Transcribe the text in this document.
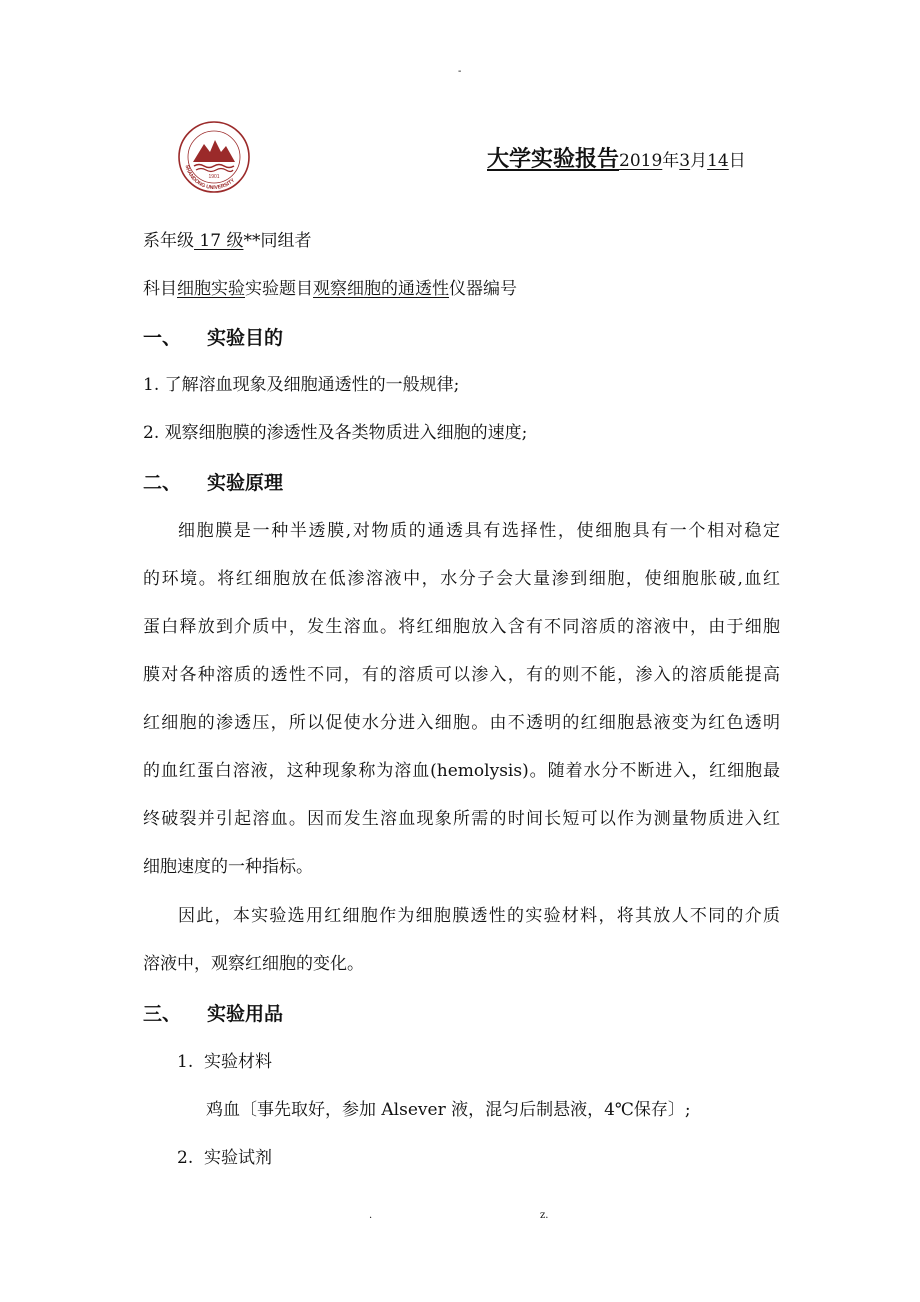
-
1901
SHANDONG UNIVERSITY
大学实验报告2019年3月14日
系年级 17 级**同组者
科目细胞实验实验题目观察细胞的通透性仪器编号
一、 实验目的
1. 了解溶血现象及细胞通透性的一般规律;
2. 观察细胞膜的渗透性及各类物质进入细胞的速度;
二、 实验原理
细胞膜是一种半透膜,对物质的通透具有选择性，使细胞具有一个相对稳定
的环境。将红细胞放在低渗溶液中，水分子会大量渗到细胞，使细胞胀破,血红
蛋白释放到介质中，发生溶血。将红细胞放入含有不同溶质的溶液中，由于细胞
膜对各种溶质的透性不同，有的溶质可以渗入，有的则不能，渗入的溶质能提高
红细胞的渗透压，所以促使水分进入细胞。由不透明的红细胞悬液变为红色透明
的血红蛋白溶液，这种现象称为溶血(hemolysis)。随着水分不断进入，红细胞最
终破裂并引起溶血。因而发生溶血现象所需的时间长短可以作为测量物质进入红
细胞速度的一种指标。
因此，本实验选用红细胞作为细胞膜透性的实验材料，将其放人不同的介质
溶液中，观察红细胞的变化。
三、 实验用品
1.  实验材料
鸡血〔事先取好，参加 Alsever 液，混匀后制悬液，4℃保存〕;
2.  实验试剂
.	z.
